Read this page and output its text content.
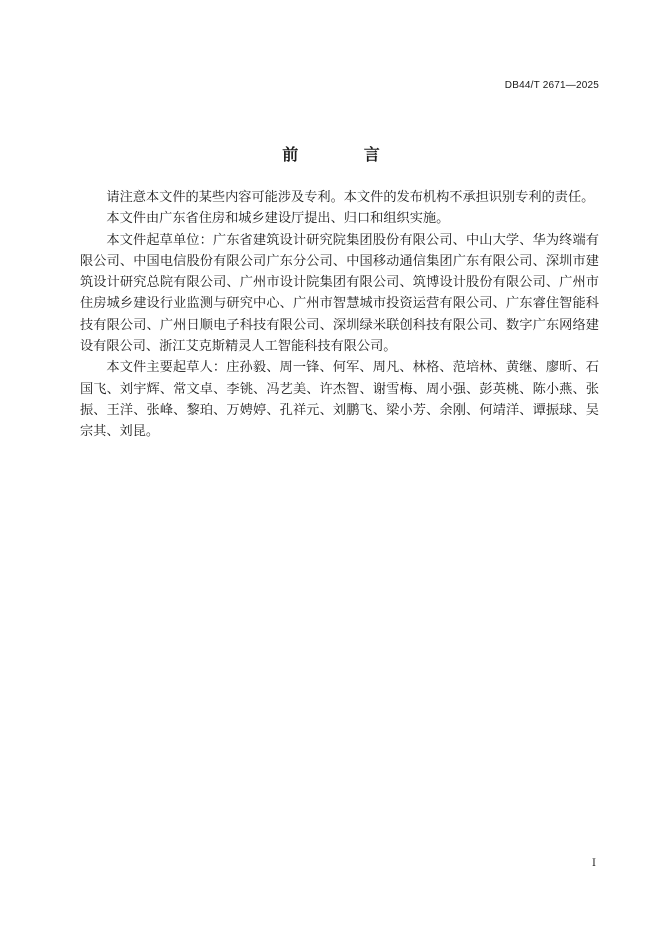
DB44/T 2671—2025
前 言

请注意本文件的某些内容可能涉及专利。本文件的发布机构不承担识别专利的责任。

本文件由广东省住房和城乡建设厅提出、归口和组织实施。

本文件起草单位：广东省建筑设计研究院集团股份有限公司、中山大学、华为终端有限公司、中国电信股份有限公司广东分公司、中国移动通信集团广东有限公司、深圳市建筑设计研究总院有限公司、广州市设计院集团有限公司、筑博设计股份有限公司、广州市住房城乡建设行业监测与研究中心、广州市智慧城市投资运营有限公司、广东睿住智能科技有限公司、广州日顺电子科技有限公司、深圳绿米联创科技有限公司、数字广东网络建设有限公司、浙江艾克斯精灵人工智能科技有限公司。

本文件主要起草人：庄孙毅、周一锋、何军、周凡、林格、范培林、黄继、廖昕、石国飞、刘宇辉、常文卓、李铫、冯艺美、许杰智、谢雪梅、周小强、彭英桃、陈小燕、张振、王洋、张峰、黎珀、万娉婷、孔祥元、刘鹏飞、梁小芳、余刚、何靖洋、谭振球、吴宗其、刘昆。

I
